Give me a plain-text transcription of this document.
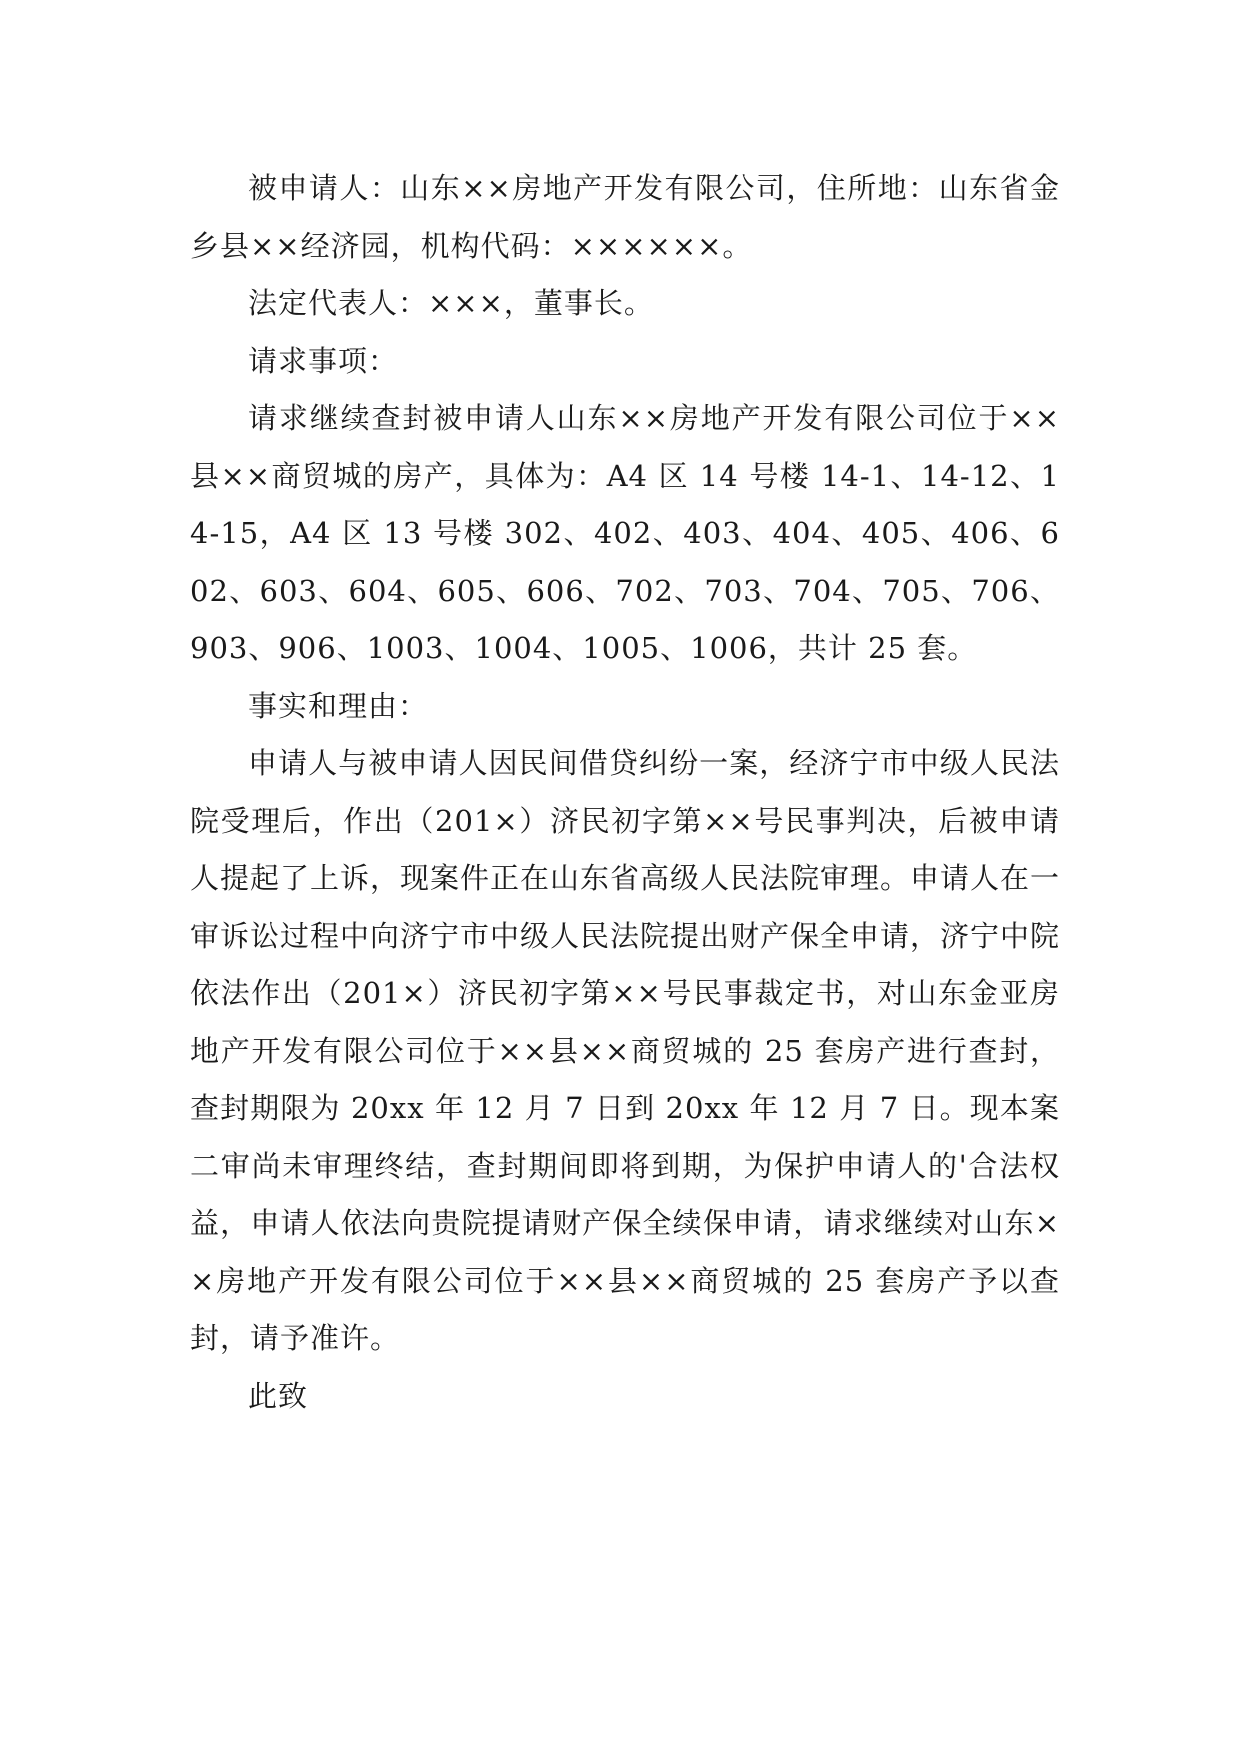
被申请人：山东××房地产开发有限公司，住所地：山东省金乡县××经济园，机构代码：××××××。

法定代表人：×××，董事长。

请求事项：

请求继续查封被申请人山东××房地产开发有限公司位于××县××商贸城的房产，具体为：A4 区 14 号楼 14-1、14-12、14-15，A4 区 13 号楼 302、402、403、404、405、406、602、603、604、605、606、702、703、704、705、706、903、906、1003、1004、1005、1006，共计 25 套。

事实和理由：

申请人与被申请人因民间借贷纠纷一案，经济宁市中级人民法院受理后，作出（201×）济民初字第××号民事判决，后被申请人提起了上诉，现案件正在山东省高级人民法院审理。申请人在一审诉讼过程中向济宁市中级人民法院提出财产保全申请，济宁中院依法作出（201×）济民初字第××号民事裁定书，对山东金亚房地产开发有限公司位于××县××商贸城的 25 套房产进行查封，查封期限为 20xx 年 12 月 7 日到 20xx 年 12 月 7 日。现本案二审尚未审理终结，查封期间即将到期，为保护申请人的'合法权益，申请人依法向贵院提请财产保全续保申请，请求继续对山东××房地产开发有限公司位于××县××商贸城的 25 套房产予以查封，请予准许。

此致
